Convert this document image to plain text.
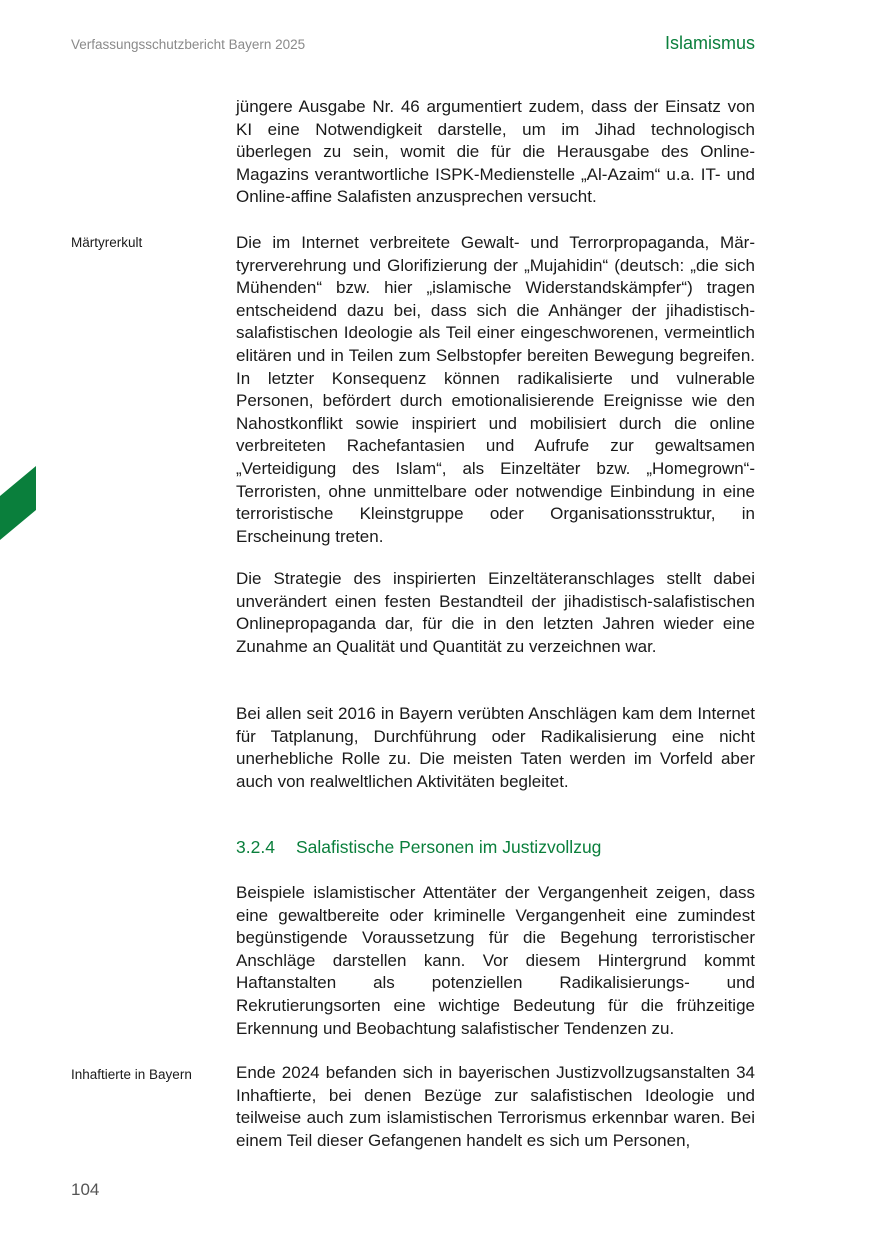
Verfassungsschutzbericht Bayern 2025	Islamismus

jüngere Ausgabe Nr. 46 argumentiert zudem, dass der Einsatz von KI eine Notwendigkeit darstelle, um im Jihad technologisch überlegen zu sein, womit die für die Herausgabe des Online-Magazins verantwortliche ISPK-Medienstelle „Al-Azaim“ u.a. IT- und Online-affine Salafisten anzusprechen versucht.

Märtyrerkult	Die im Internet verbreitete Gewalt- und Terrorpropaganda, Märtyrerverehrung und Glorifizierung der „Mujahidin“ (deutsch: „die sich Mühenden“ bzw. hier „islamische Widerstandskämpfer“) tragen entscheidend dazu bei, dass sich die Anhänger der jihadistisch-salafistischen Ideologie als Teil einer eingeschworenen, vermeintlich elitären und in Teilen zum Selbstopfer bereiten Bewegung begreifen. In letzter Konsequenz können radikalisierte und vulnerable Personen, befördert durch emotionalisierende Ereignisse wie den Nahostkonflikt sowie inspiriert und mobilisiert durch die online verbreiteten Rachefantasien und Aufrufe zur gewaltsamen „Verteidigung des Islam“, als Einzeltäter bzw. „Homegrown“-Terroristen, ohne unmittelbare oder notwendige Einbindung in eine terroristische Kleinstgruppe oder Organisationsstruktur, in Erscheinung treten.

Die Strategie des inspirierten Einzeltäteranschlages stellt dabei unverändert einen festen Bestandteil der jihadistisch-salafistischen Onlinepropaganda dar, für die in den letzten Jahren wieder eine Zunahme an Qualität und Quantität zu verzeichnen war.

Bei allen seit 2016 in Bayern verübten Anschlägen kam dem Internet für Tatplanung, Durchführung oder Radikalisierung eine nicht unerhebliche Rolle zu. Die meisten Taten werden im Vorfeld aber auch von realweltlichen Aktivitäten begleitet.

3.2.4 Salafistische Personen im Justizvollzug

Beispiele islamistischer Attentäter der Vergangenheit zeigen, dass eine gewaltbereite oder kriminelle Vergangenheit eine zumindest begünstigende Voraussetzung für die Begehung terroristischer Anschläge darstellen kann. Vor diesem Hintergrund kommt Haftanstalten als potenziellen Radikalisierungs- und Rekrutierungsorten eine wichtige Bedeutung für die frühzeitige Erkennung und Beobachtung salafistischer Tendenzen zu.

Inhaftierte in Bayern	Ende 2024 befanden sich in bayerischen Justizvollzugsanstalten 34 Inhaftierte, bei denen Bezüge zur salafistischen Ideologie und teilweise auch zum islamistischen Terrorismus erkennbar waren. Bei einem Teil dieser Gefangenen handelt es sich um Personen,

104
